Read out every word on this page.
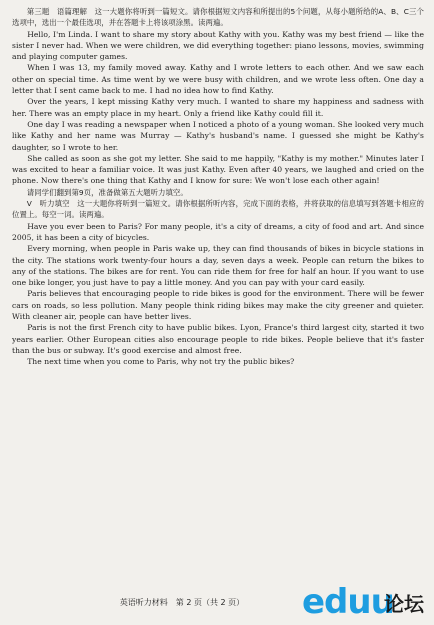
第三题　语篇理解　这一大题你将听到一篇短文。请你根据短文内容和所提出的5个问题，从每小题所给的A、B、C三个选项中，选出一个最佳选项，并在答题卡上将该项涂黑。读两遍。

Hello, I'm Linda. I want to share my story about Kathy with you. Kathy was my best friend — like the sister I never had. When we were children, we did everything together: piano lessons, movies, swimming and playing computer games.

When I was 13, my family moved away. Kathy and I wrote letters to each other. And we saw each other on special time. As time went by we were busy with children, and we wrote less often. One day a letter that I sent came back to me. I had no idea how to find Kathy.

Over the years, I kept missing Kathy very much. I wanted to share my happiness and sadness with her. There was an empty place in my heart. Only a friend like Kathy could fill it.

One day I was reading a newspaper when I noticed a photo of a young woman. She looked very much like Kathy and her name was Murray — Kathy's husband's name. I guessed she might be Kathy's daughter, so I wrote to her.

She called as soon as she got my letter. She said to me happily, "Kathy is my mother." Minutes later I was excited to hear a familiar voice. It was just Kathy. Even after 40 years, we laughed and cried on the phone. Now there's one thing that Kathy and I know for sure: We won't lose each other again!

请同学们翻到第9页，准备做第五大题听力填空。

Ⅴ　听力填空　这一大题你将听到一篇短文。请你根据所听内容，完成下面的表格，并将获取的信息填写到答题卡相应的位置上。每空一词。读两遍。

Have you ever been to Paris? For many people, it's a city of dreams, a city of food and art. And since 2005, it has been a city of bicycles.

Every morning, when people in Paris wake up, they can find thousands of bikes in bicycle stations in the city. The stations work twenty-four hours a day, seven days a week. People can return the bikes to any of the stations. The bikes are for rent. You can ride them for free for half an hour. If you want to use one bike longer, you just have to pay a little money. And you can pay with your card easily.

Paris believes that encouraging people to ride bikes is good for the environment. There will be fewer cars on roads, so less pollution. Many people think riding bikes may make the city greener and quieter. With cleaner air, people can have better lives.

Paris is not the first French city to have public bikes. Lyon, France's third largest city, started it two years earlier. Other European cities also encourage people to ride bikes. People believe that it's faster than the bus or subway. It's good exercise and almost free.

The next time when you come to Paris, why not try the public bikes?

英语听力材料　第 2 页（共 2 页）	eduu
论坛
